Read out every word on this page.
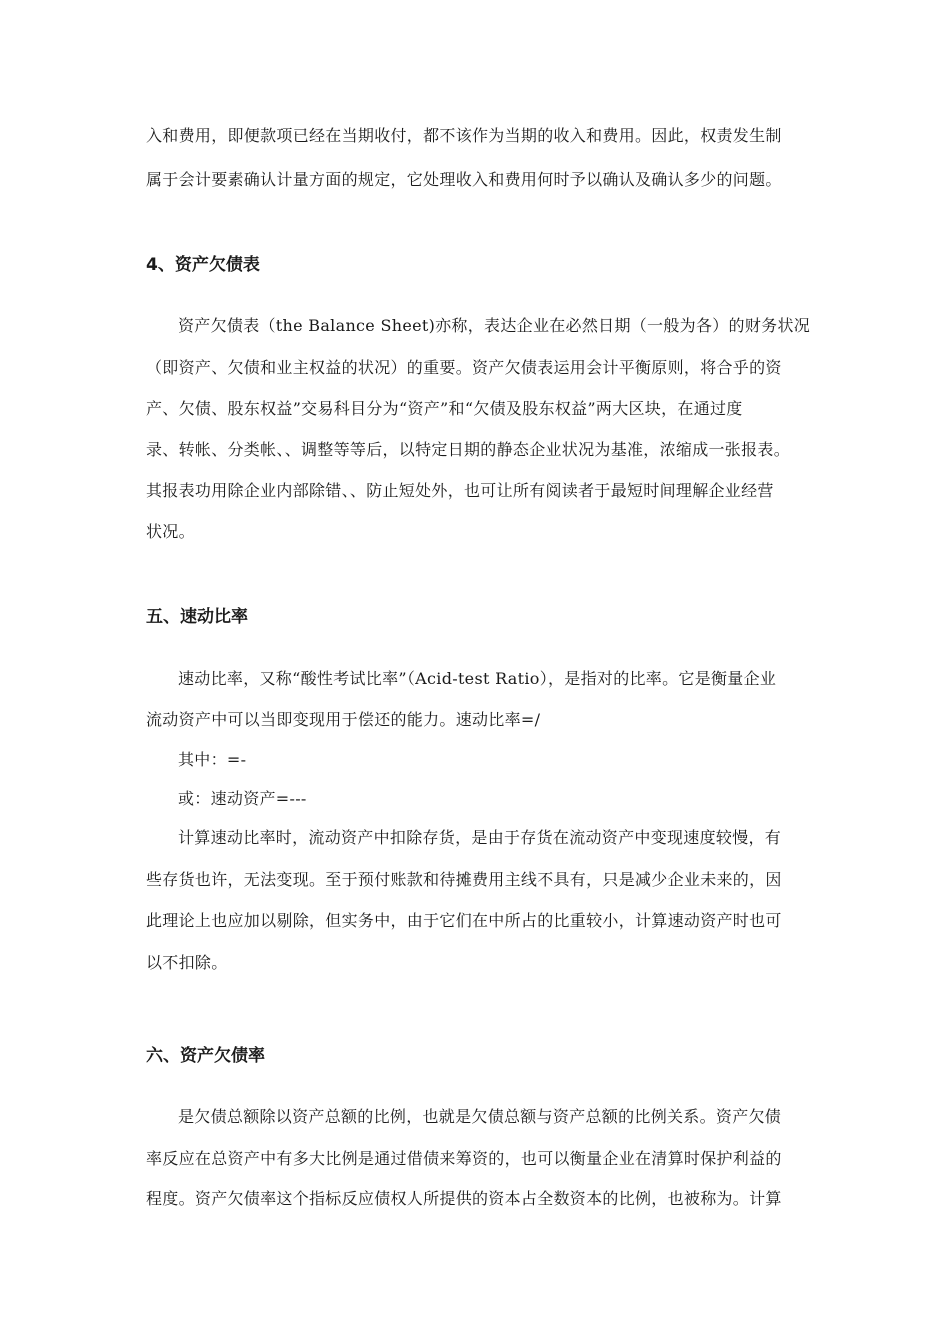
入和费用，即便款项已经在当期收付，都不该作为当期的收入和费用。因此，权责发生制
属于会计要素确认计量方面的规定，它处理收入和费用何时予以确认及确认多少的问题。
4、资产欠债表
资产欠债表（the Balance Sheet)亦称，表达企业在必然日期（一般为各）的财务状况
（即资产、欠债和业主权益的状况）的重要。资产欠债表运用会计平衡原则，将合乎的资
产、欠债、股东权益”交易科目分为“资产”和“欠债及股东权益”两大区块，在通过度
录、转帐、分类帐、、调整等等后，以特定日期的静态企业状况为基准，浓缩成一张报表。
其报表功用除企业内部除错、、防止短处外，也可让所有阅读者于最短时间理解企业经营
状况。
五、速动比率
速动比率，又称“酸性考试比率”（Acid-test Ratio），是指对的比率。它是衡量企业
流动资产中可以当即变现用于偿还的能力。速动比率=/
其中：=-
或：速动资产=---
计算速动比率时，流动资产中扣除存货，是由于存货在流动资产中变现速度较慢，有
些存货也许，无法变现。至于预付账款和待摊费用主线不具有，只是减少企业未来的，因
此理论上也应加以剔除，但实务中，由于它们在中所占的比重较小，计算速动资产时也可
以不扣除。
六、资产欠债率
是欠债总额除以资产总额的比例，也就是欠债总额与资产总额的比例关系。资产欠债
率反应在总资产中有多大比例是通过借债来筹资的，也可以衡量企业在清算时保护利益的
程度。资产欠债率这个指标反应债权人所提供的资本占全数资本的比例，也被称为。计算
